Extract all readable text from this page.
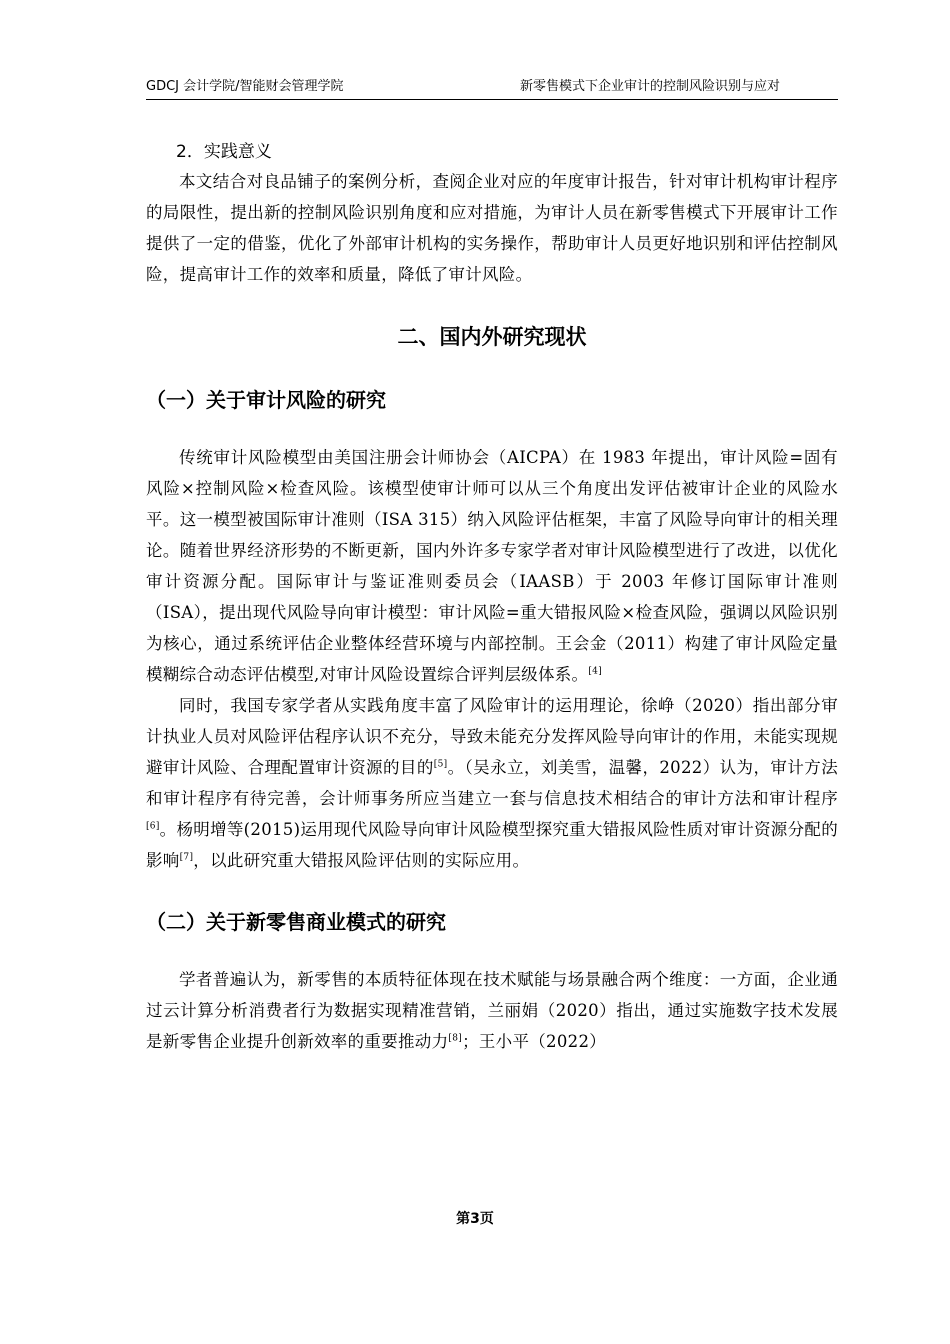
GDCJ 会计学院/智能财会管理学院	新零售模式下企业审计的控制风险识别与应对
2．实践意义

本文结合对良品铺子的案例分析，查阅企业对应的年度审计报告，针对审计机构审计程序的局限性，提出新的控制风险识别角度和应对措施，为审计人员在新零售模式下开展审计工作提供了一定的借鉴，优化了外部审计机构的实务操作，帮助审计人员更好地识别和评估控制风险，提高审计工作的效率和质量，降低了审计风险。

二、国内外研究现状
（一）关于审计风险的研究

传统审计风险模型由美国注册会计师协会（AICPA）在 1983 年提出，审计风险=固有风险×控制风险×检查风险。该模型使审计师可以从三个角度出发评估被审计企业的风险水平。这一模型被国际审计准则（ISA 315）纳入风险评估框架，丰富了风险导向审计的相关理论。随着世界经济形势的不断更新，国内外许多专家学者对审计风险模型进行了改进，以优化审计资源分配。国际审计与鉴证准则委员会（IAASB）于 2003 年修订国际审计准则（ISA），提出现代风险导向审计模型：审计风险=重大错报风险×检查风险，强调以风险识别为核心，通过系统评估企业整体经营环境与内部控制。王会金（2011）构建了审计风险定量模糊综合动态评估模型,对审计风险设置综合评判层级体系。[4]

同时，我国专家学者从实践角度丰富了风险审计的运用理论，徐峥（2020）指出部分审计执业人员对风险评估程序认识不充分，导致未能充分发挥风险导向审计的作用，未能实现规避审计风险、合理配置审计资源的目的[5]。（吴永立，刘美雪，温馨，2022）认为，审计方法和审计程序有待完善，会计师事务所应当建立一套与信息技术相结合的审计方法和审计程序[6]。杨明增等(2015)运用现代风险导向审计风险模型探究重大错报风险性质对审计资源分配的影响[7]，以此研究重大错报风险评估则的实际应用。

（二）关于新零售商业模式的研究

学者普遍认为，新零售的本质特征体现在技术赋能与场景融合两个维度：一方面，企业通过云计算分析消费者行为数据实现精准营销，兰丽娟（2020）指出，通过实施数字技术发展是新零售企业提升创新效率的重要推动力[8]；王小平（2022）

第3页
